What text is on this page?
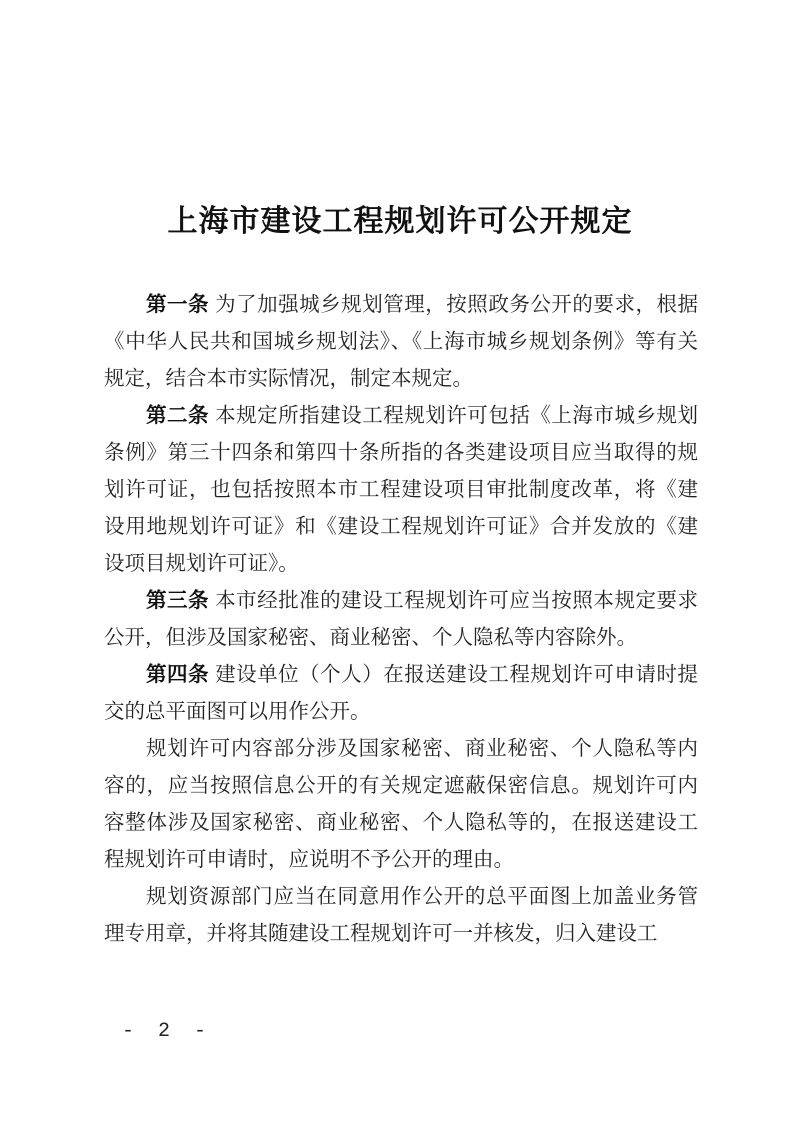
上海市建设工程规划许可公开规定

第一条 为了加强城乡规划管理，按照政务公开的要求，根据《中华人民共和国城乡规划法》、《上海市城乡规划条例》等有关规定，结合本市实际情况，制定本规定。

第二条 本规定所指建设工程规划许可包括《上海市城乡规划条例》第三十四条和第四十条所指的各类建设项目应当取得的规划许可证，也包括按照本市工程建设项目审批制度改革，将《建设用地规划许可证》和《建设工程规划许可证》合并发放的《建设项目规划许可证》。

第三条 本市经批准的建设工程规划许可应当按照本规定要求公开，但涉及国家秘密、商业秘密、个人隐私等内容除外。

第四条 建设单位（个人）在报送建设工程规划许可申请时提交的总平面图可以用作公开。

规划许可内容部分涉及国家秘密、商业秘密、个人隐私等内容的，应当按照信息公开的有关规定遮蔽保密信息。规划许可内容整体涉及国家秘密、商业秘密、个人隐私等的，在报送建设工程规划许可申请时，应说明不予公开的理由。

规划资源部门应当在同意用作公开的总平面图上加盖业务管理专用章，并将其随建设工程规划许可一并核发，归入建设工

- 2 -
